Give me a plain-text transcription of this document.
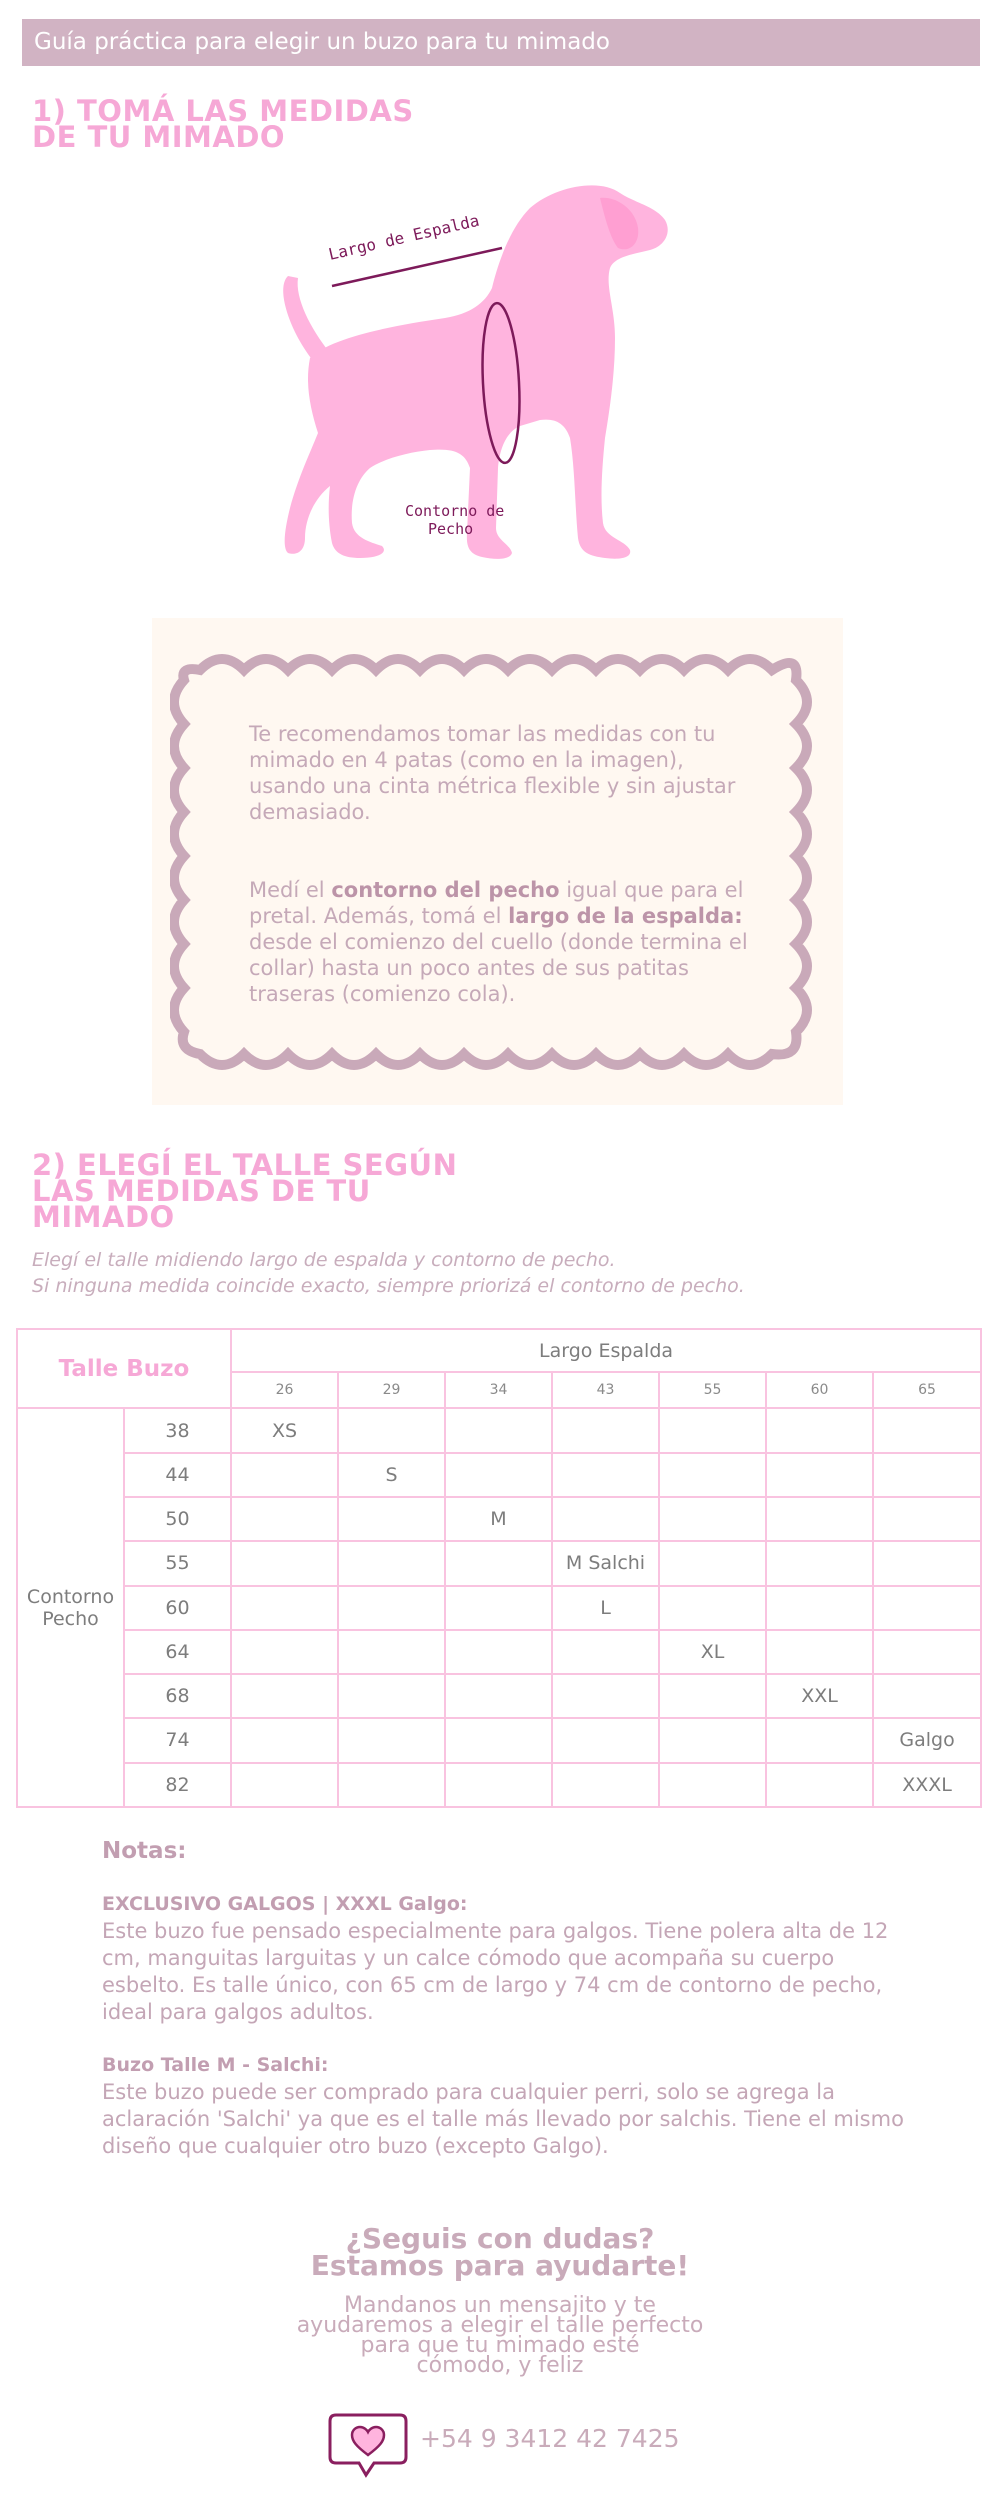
Guía práctica para elegir un buzo para tu mimado
1) TOMÁ LAS MEDIDAS
DE TU MIMADO
Largo de Espalda
Contorno de
Pecho
Te recomendamos tomar las medidas con tu
mimado en 4 patas (como en la imagen),
usando una cinta métrica flexible y sin ajustar
demasiado.
Medí el contorno del pecho igual que para el
pretal. Además, tomá el largo de la espalda:
desde el comienzo del cuello (donde termina el
collar) hasta un poco antes de sus patitas
traseras (comienzo cola).
2) ELEGÍ EL TALLE SEGÚN
LAS MEDIDAS DE TU
MIMADO
Elegí el talle midiendo largo de espalda y contorno de pecho.
Si ninguna medida coincide exacto, siempre priorizá el contorno de pecho.
Talle Buzo		Largo Espalda						
		26	29	34	43	55	60	65

Contorno
Pecho	38	XS						
	44		S					
	50			M				
	55				M Salchi			
	60				L			
	64					XL		
	68						XXL	
	74							Galgo
	82							XXXL
Notas:
EXCLUSIVO GALGOS | XXXL Galgo:
Este buzo fue pensado especialmente para galgos. Tiene polera alta de 12
cm, manguitas larguitas y un calce cómodo que acompaña su cuerpo
esbelto. Es talle único, con 65 cm de largo y 74 cm de contorno de pecho,
ideal para galgos adultos.
Buzo Talle M - Salchi:
Este buzo puede ser comprado para cualquier perri, solo se agrega la
aclaración 'Salchi' ya que es el talle más llevado por salchis. Tiene el mismo
diseño que cualquier otro buzo (excepto Galgo).
¿Seguis con dudas?
Estamos para ayudarte!
Mandanos un mensajito y te
ayudaremos a elegir el talle perfecto
para que tu mimado esté
cómodo, y feliz
+54 9 3412 42 7425
